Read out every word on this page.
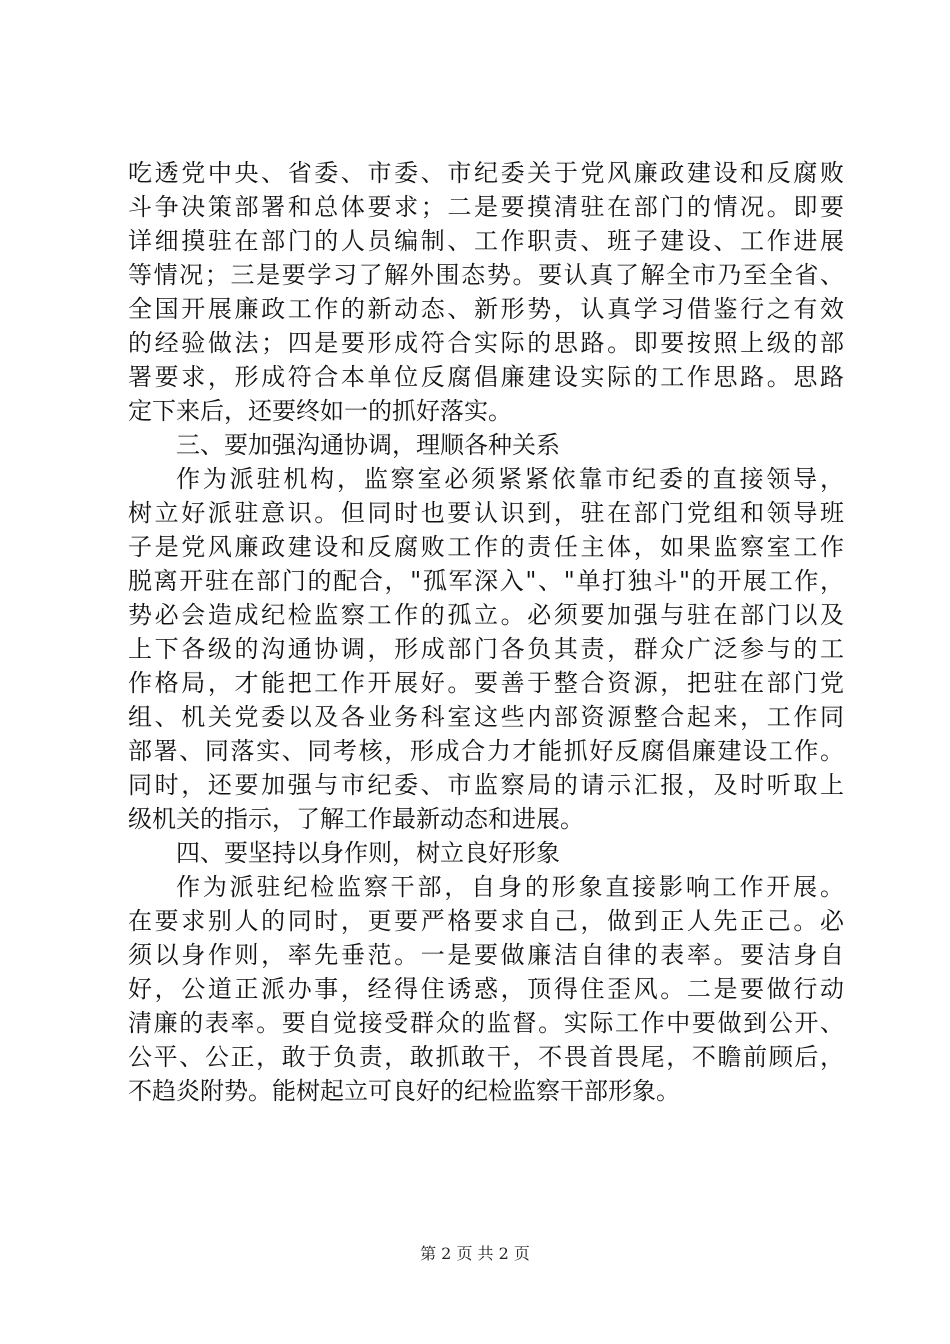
吃透党中央、省委、市委、市纪委关于党风廉政建设和反腐败
斗争决策部署和总体要求；二是要摸清驻在部门的情况。即要
详细摸驻在部门的人员编制、工作职责、班子建设、工作进展
等情况；三是要学习了解外围态势。要认真了解全市乃至全省、
全国开展廉政工作的新动态、新形势，认真学习借鉴行之有效
的经验做法；四是要形成符合实际的思路。即要按照上级的部
署要求，形成符合本单位反腐倡廉建设实际的工作思路。思路
定下来后，还要终如一的抓好落实。
三、要加强沟通协调，理顺各种关系
作为派驻机构，监察室必须紧紧依靠市纪委的直接领导，
树立好派驻意识。但同时也要认识到，驻在部门党组和领导班
子是党风廉政建设和反腐败工作的责任主体，如果监察室工作
脱离开驻在部门的配合，"孤军深入"、"单打独斗"的开展工作，
势必会造成纪检监察工作的孤立。必须要加强与驻在部门以及
上下各级的沟通协调，形成部门各负其责，群众广泛参与的工
作格局，才能把工作开展好。要善于整合资源，把驻在部门党
组、机关党委以及各业务科室这些内部资源整合起来，工作同
部署、同落实、同考核，形成合力才能抓好反腐倡廉建设工作。
同时，还要加强与市纪委、市监察局的请示汇报，及时听取上
级机关的指示，了解工作最新动态和进展。
四、要坚持以身作则，树立良好形象
作为派驻纪检监察干部，自身的形象直接影响工作开展。
在要求别人的同时，更要严格要求自己，做到正人先正己。必
须以身作则，率先垂范。一是要做廉洁自律的表率。要洁身自
好，公道正派办事，经得住诱惑，顶得住歪风。二是要做行动
清廉的表率。要自觉接受群众的监督。实际工作中要做到公开、
公平、公正，敢于负责，敢抓敢干，不畏首畏尾，不瞻前顾后，
不趋炎附势。能树起立可良好的纪检监察干部形象。
第 2 页 共 2 页
